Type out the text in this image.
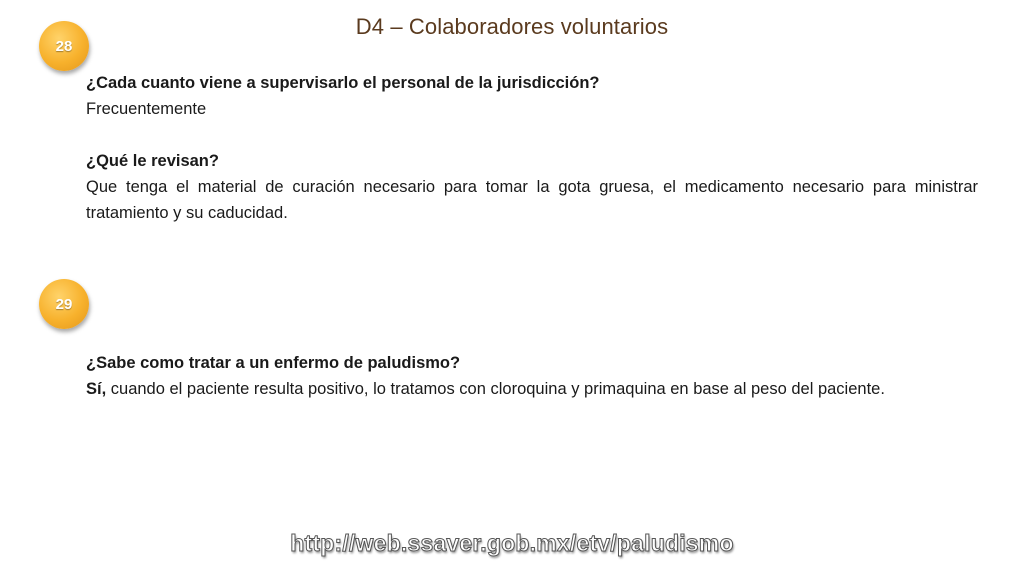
D4 – Colaboradores voluntarios
28

¿Cada cuanto viene a supervisarlo el personal de la jurisdicción?

Frecuentemente

¿Qué le revisan?

Que tenga el material de curación necesario para tomar la gota gruesa, el medicamento necesario para ministrar tratamiento y su caducidad.

29

¿Sabe como tratar a un enfermo de paludismo?

Sí, cuando el paciente resulta positivo, lo tratamos con cloroquina y primaquina en base al peso del paciente.

http://web.ssaver.gob.mx/etv/paludismo
